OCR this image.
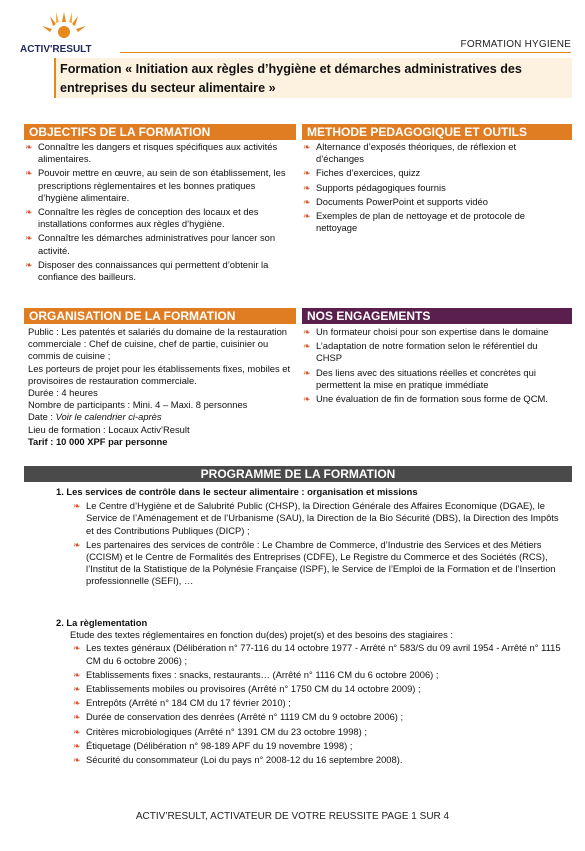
ACTIV'RESULT	FORMATION HYGIENE
Formation « Initiation aux règles d’hygiène et démarches administratives des entreprises du secteur alimentaire »
OBJECTIFS DE LA FORMATION
❧ Connaître les dangers et risques spécifiques aux activités alimentaires.
❧ Pouvoir mettre en œuvre, au sein de son établissement, les prescriptions règlementaires et les bonnes pratiques d’hygiène alimentaire.
❧ Connaître les règles de conception des locaux et des installations conformes aux règles d’hygiène.
❧ Connaître les démarches administratives pour lancer son activité.
❧ Disposer des connaissances qui permettent d’obtenir la confiance des bailleurs.
METHODE PEDAGOGIQUE ET OUTILS
❧ Alternance d’exposés théoriques, de réflexion et d’échanges
❧ Fiches d’exercices, quizz
❧ Supports pédagogiques fournis
❧ Documents PowerPoint et supports vidéo
❧ Exemples de plan de nettoyage et de protocole de nettoyage
ORGANISATION DE LA FORMATION
Public : Les patentés et salariés du domaine de la restauration commerciale : Chef de cuisine, chef de partie, cuisinier ou commis de cuisine ;
Les porteurs de projet pour les établissements fixes, mobiles et provisoires de restauration commerciale.
Durée : 4 heures
Nombre de participants : Mini. 4 – Maxi. 8 personnes
Date : Voir le calendrier ci-après
Lieu de formation : Locaux Activ’Result
Tarif : 10 000 XPF par personne
NOS ENGAGEMENTS
❧ Un formateur choisi pour son expertise dans le domaine
❧ L’adaptation de notre formation selon le référentiel du CHSP
❧ Des liens avec des situations réelles et concrètes qui permettent la mise en pratique immédiate
❧ Une évaluation de fin de formation sous forme de QCM.
PROGRAMME DE LA FORMATION
1. Les services de contrôle dans le secteur alimentaire : organisation et missions
❧ Le Centre d’Hygiène et de Salubrité Public (CHSP), la Direction Générale des Affaires Economique (DGAE), le Service de l’Aménagement et de l’Urbanisme (SAU), la Direction de la Bio Sécurité (DBS), la Direction des Impôts et des Contributions Publiques (DICP) ;
❧ Les partenaires des services de contrôle : Le Chambre de Commerce, d’Industrie des Services et des Métiers (CCISM) et le Centre de Formalités des Entreprises (CDFE), Le Registre du Commerce et des Sociétés (RCS), l’Institut de la Statistique de la Polynésie Française (ISPF), le Service de l’Emploi de la Formation et de l’Insertion professionnelle (SEFI), …
2. La règlementation
Etude des textes réglementaires en fonction du(des) projet(s) et des besoins des stagiaires :
❧ Les textes généraux (Délibération n° 77-116 du 14 octobre 1977 - Arrêté n° 583/S du 09 avril 1954 - Arrêté n° 1115 CM du 6 octobre 2006) ;
❧ Etablissements fixes : snacks, restaurants… (Arrêté n° 1116 CM du 6 octobre 2006) ;
❧ Etablissements mobiles ou provisoires (Arrêté n° 1750 CM du 14 octobre 2009) ;
❧ Entrepôts (Arrêté n° 184 CM du 17 février 2010) ;
❧ Durée de conservation des denrées (Arrêté n° 1119 CM du 9 octobre 2006) ;
❧ Critères microbiologiques (Arrêté n° 1391 CM du 23 octobre 1998) ;
❧ Étiquetage (Délibération n° 98-189 APF du 19 novembre 1998) ;
❧ Sécurité du consommateur (Loi du pays n° 2008-12 du 16 septembre 2008).
ACTIV’RESULT, ACTIVATEUR DE VOTRE REUSSITE PAGE 1 SUR 4
